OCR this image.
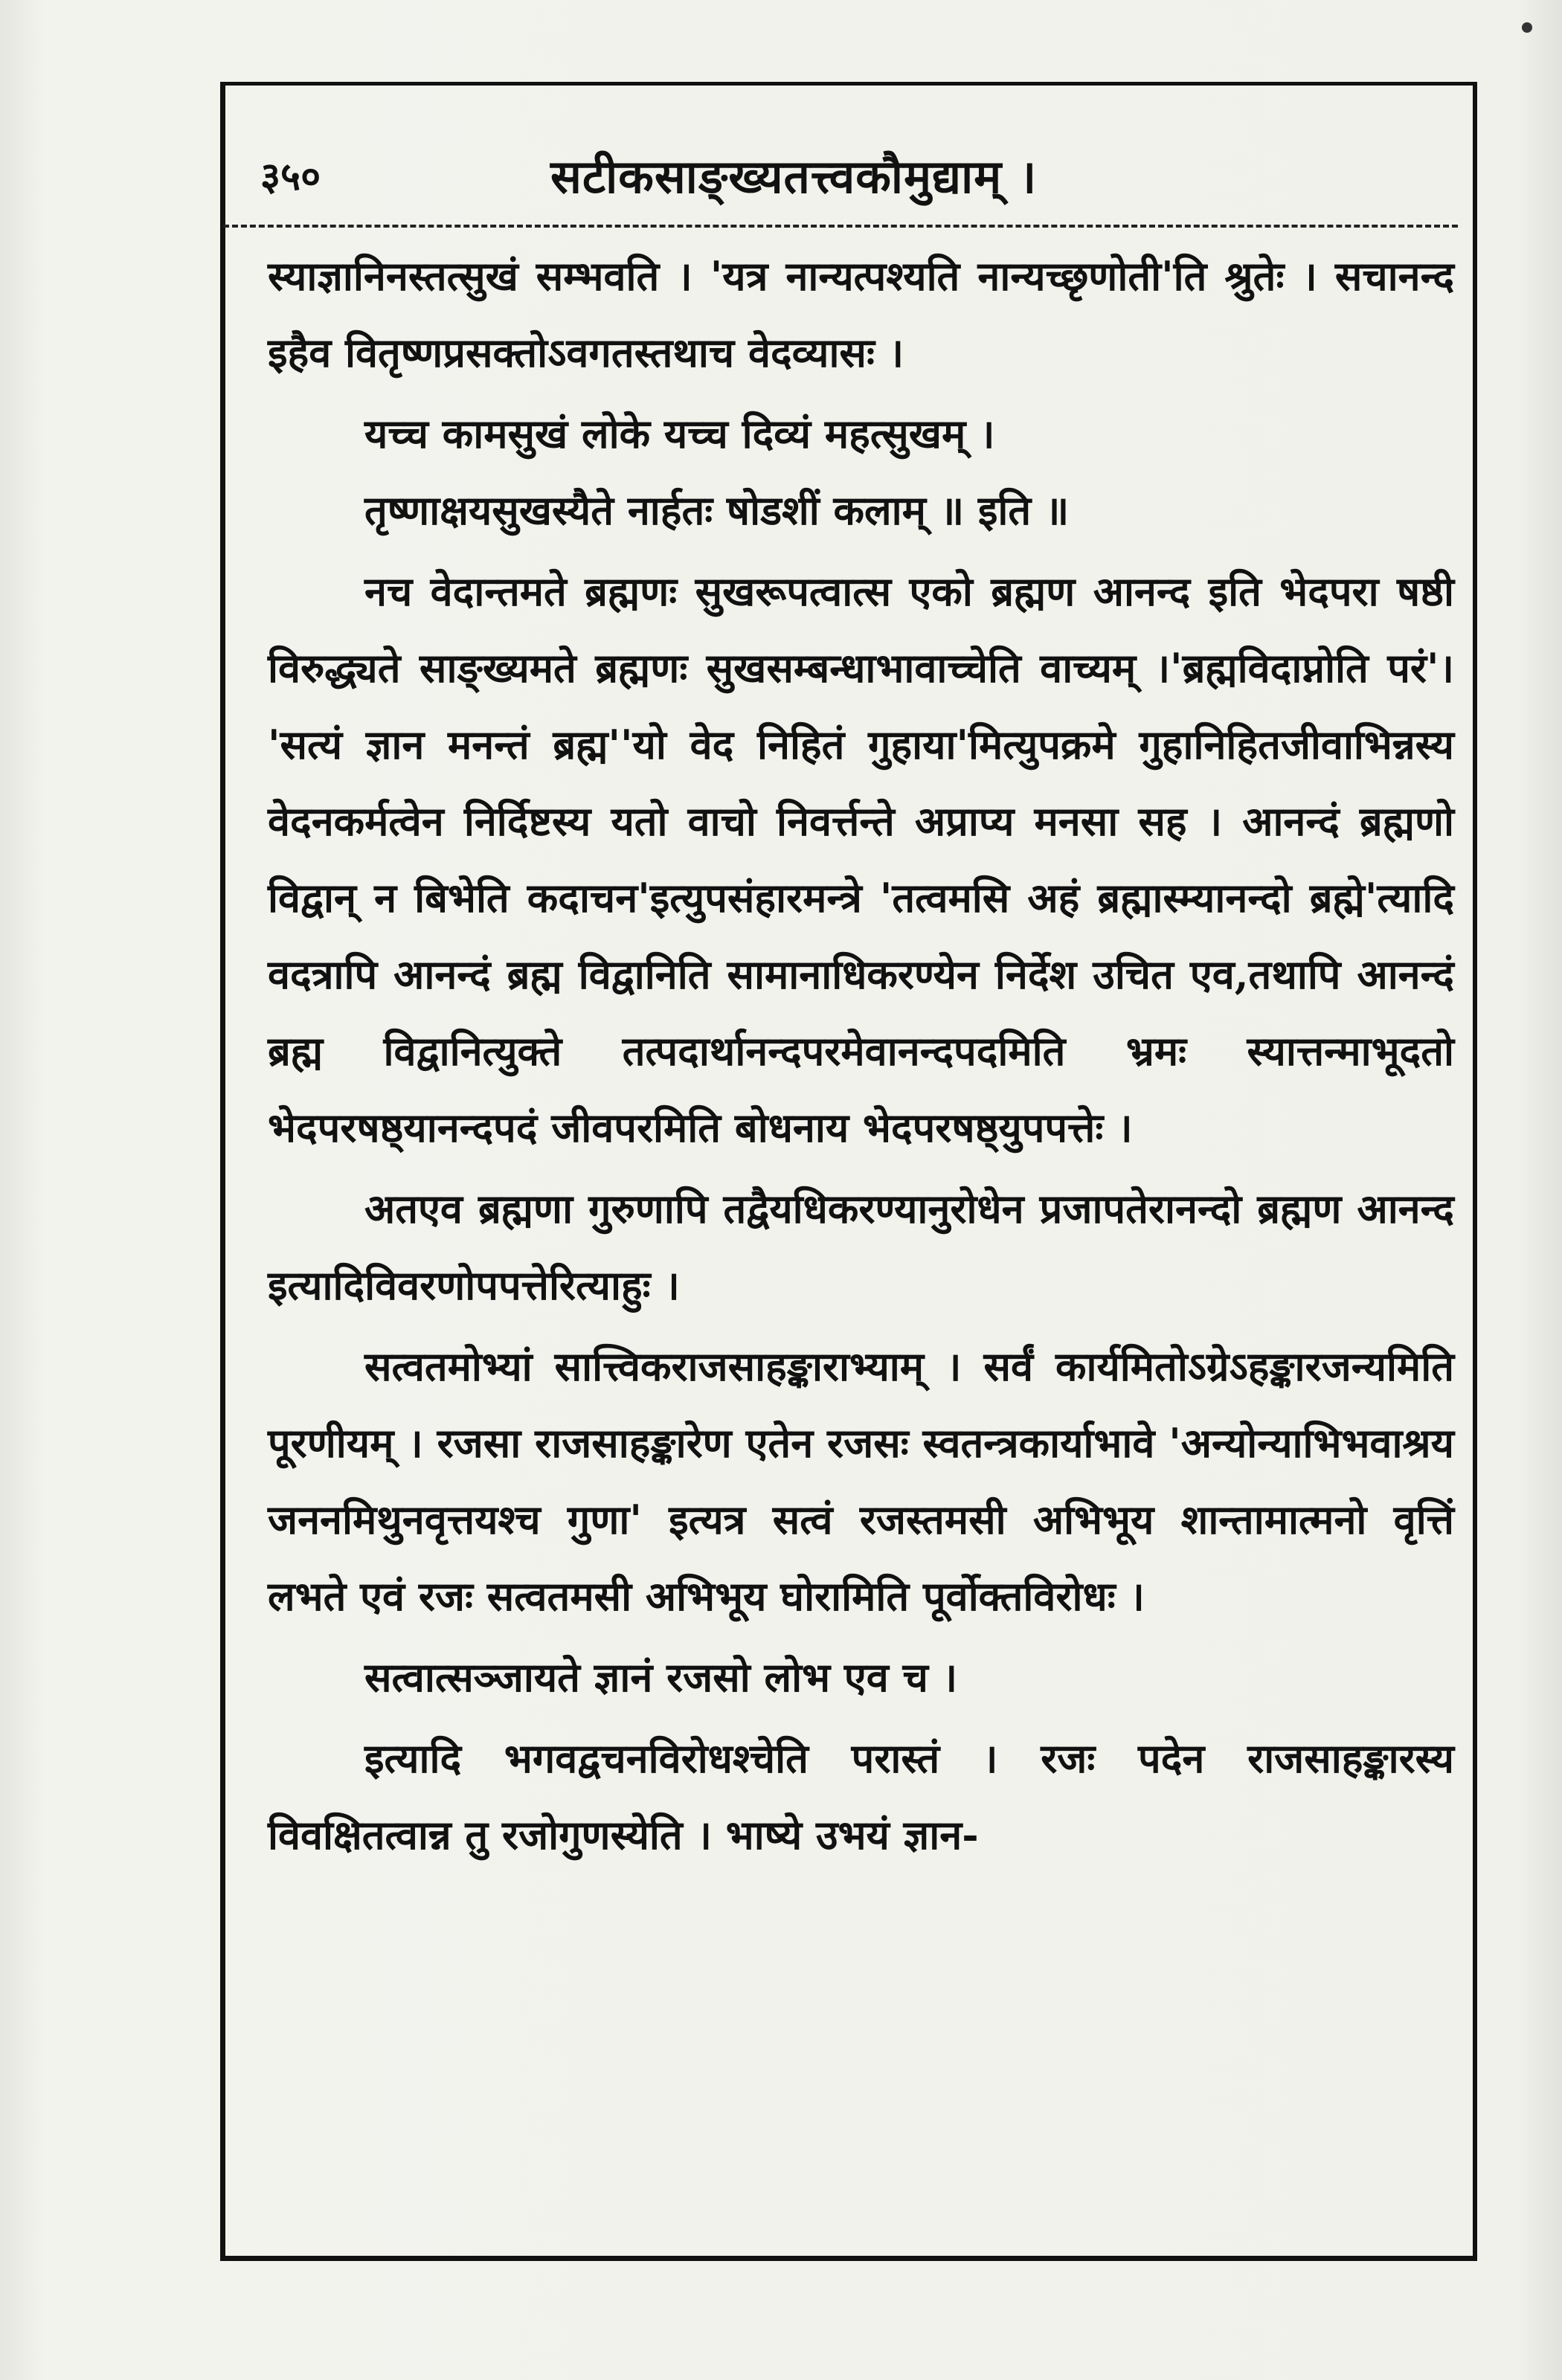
३५०	सटीकसाङ्ख्यतत्त्वकौमुद्याम् ।

स्याज्ञानिनस्तत्सुखं सम्भवति । 'यत्र नान्यत्पश्यति नान्यच्छृणोती'ति श्रुतेः । सचानन्द इहैव वितृष्णप्रसक्तोऽवगतस्तथाच वेदव्यासः ।

यच्च कामसुखं लोके यच्च दिव्यं महत्सुखम् ।

तृष्णाक्षयसुखस्यैते नार्हतः षोडशीं कलाम् ॥ इति ॥

नच वेदान्तमते ब्रह्मणः सुखरूपत्वात्स एको ब्रह्मण आनन्द इति भेदपरा षष्ठी विरुद्ध्यते साङ्ख्यमते ब्रह्मणः सुखसम्बन्धाभावाच्चेति वाच्यम् ।'ब्रह्मविदाप्नोति परं'। 'सत्यं ज्ञान मनन्तं ब्रह्म''यो वेद निहितं गुहाया'मित्युपक्रमे गुहानिहितजीवाभिन्नस्य वेदनकर्मत्वेन निर्दिष्टस्य यतो वाचो निवर्त्तन्ते अप्राप्य मनसा सह । आनन्दं ब्रह्मणो विद्वान् न बिभेति कदाचन'इत्युपसंहारमन्त्रे 'तत्वमसि अहं ब्रह्मास्म्यानन्दो ब्रह्मे'त्यादि वदत्रापि आनन्दं ब्रह्म विद्वानिति सामानाधिकरण्येन निर्देश उचित एव,तथापि आनन्दं ब्रह्म विद्वानित्युक्ते तत्पदार्थानन्दपरमेवानन्दपदमिति भ्रमः स्यात्तन्माभूदतो भेदपरषष्ठ्यानन्दपदं जीवपरमिति बोधनाय भेदपरषष्ठ्युपपत्तेः ।

अतएव ब्रह्मणा गुरुणापि तद्वैयधिकरण्यानुरोधेन प्रजापतेरानन्दो ब्रह्मण आनन्द इत्यादिविवरणोपपत्तेरित्याहुः ।

सत्वतमोभ्यां सात्त्विकराजसाहङ्काराभ्याम् । सर्वं कार्यमितोऽग्रेऽहङ्कारजन्यमिति पूरणीयम् । रजसा राजसाहङ्कारेण एतेन रजसः स्वतन्त्रकार्याभावे 'अन्योन्याभिभवाश्रय जननमिथुनवृत्तयश्च गुणा' इत्यत्र सत्वं रजस्तमसी अभिभूय शान्तामात्मनो वृत्तिं लभते एवं रजः सत्वतमसी अभिभूय घोरामिति पूर्वोक्तविरोधः ।

सत्वात्सञ्जायते ज्ञानं रजसो लोभ एव च ।

इत्यादि भगवद्वचनविरोधश्चेति परास्तं । रजः पदेन राजसाहङ्कारस्य विवक्षितत्वान्न तु रजोगुणस्येति । भाष्ये उभयं ज्ञान-
